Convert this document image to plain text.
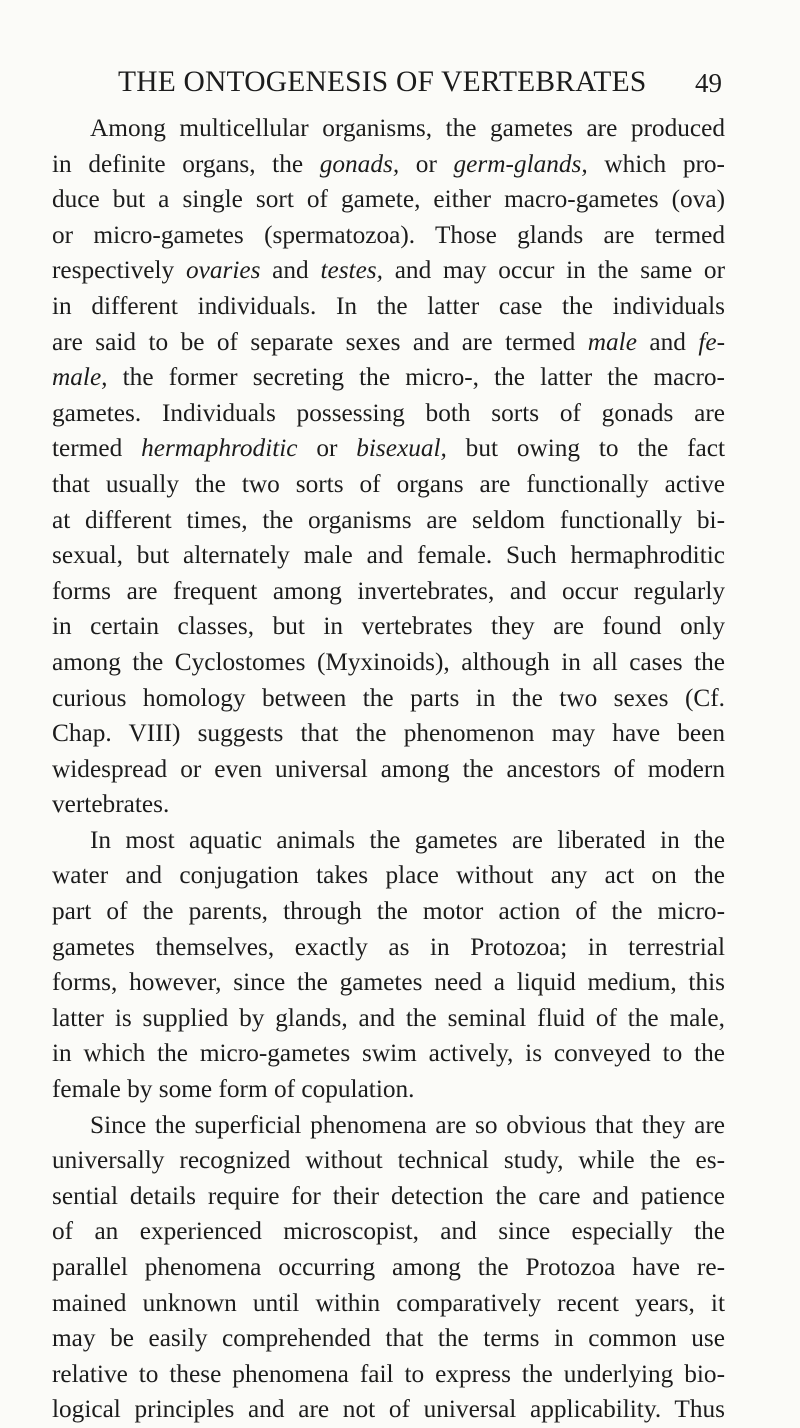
THE ONTOGENESIS OF VERTEBRATES 49
Among multicellular organisms, the gametes are produced
in definite organs, the gonads, or germ-glands, which pro-
duce but a single sort of gamete, either macro-gametes (ova)
or micro-gametes (spermatozoa). Those glands are termed
respectively ovaries and testes, and may occur in the same or
in different individuals. In the latter case the individuals
are said to be of separate sexes and are termed male and fe-
male, the former secreting the micro-, the latter the macro-
gametes. Individuals possessing both sorts of gonads are
termed hermaphroditic or bisexual, but owing to the fact
that usually the two sorts of organs are functionally active
at different times, the organisms are seldom functionally bi-
sexual, but alternately male and female. Such hermaphroditic
forms are frequent among invertebrates, and occur regularly
in certain classes, but in vertebrates they are found only
among the Cyclostomes (Myxinoids), although in all cases the
curious homology between the parts in the two sexes (Cf.
Chap. VIII) suggests that the phenomenon may have been
widespread or even universal among the ancestors of modern
vertebrates.
In most aquatic animals the gametes are liberated in the
water and conjugation takes place without any act on the
part of the parents, through the motor action of the micro-
gametes themselves, exactly as in Protozoa; in terrestrial
forms, however, since the gametes need a liquid medium, this
latter is supplied by glands, and the seminal fluid of the male,
in which the micro-gametes swim actively, is conveyed to the
female by some form of copulation.
Since the superficial phenomena are so obvious that they are
universally recognized without technical study, while the es-
sential details require for their detection the care and patience
of an experienced microscopist, and since especially the
parallel phenomena occurring among the Protozoa have re-
mained unknown until within comparatively recent years, it
may be easily comprehended that the terms in common use
relative to these phenomena fail to express the underlying bio-
logical principles and are not of universal applicability. Thus
